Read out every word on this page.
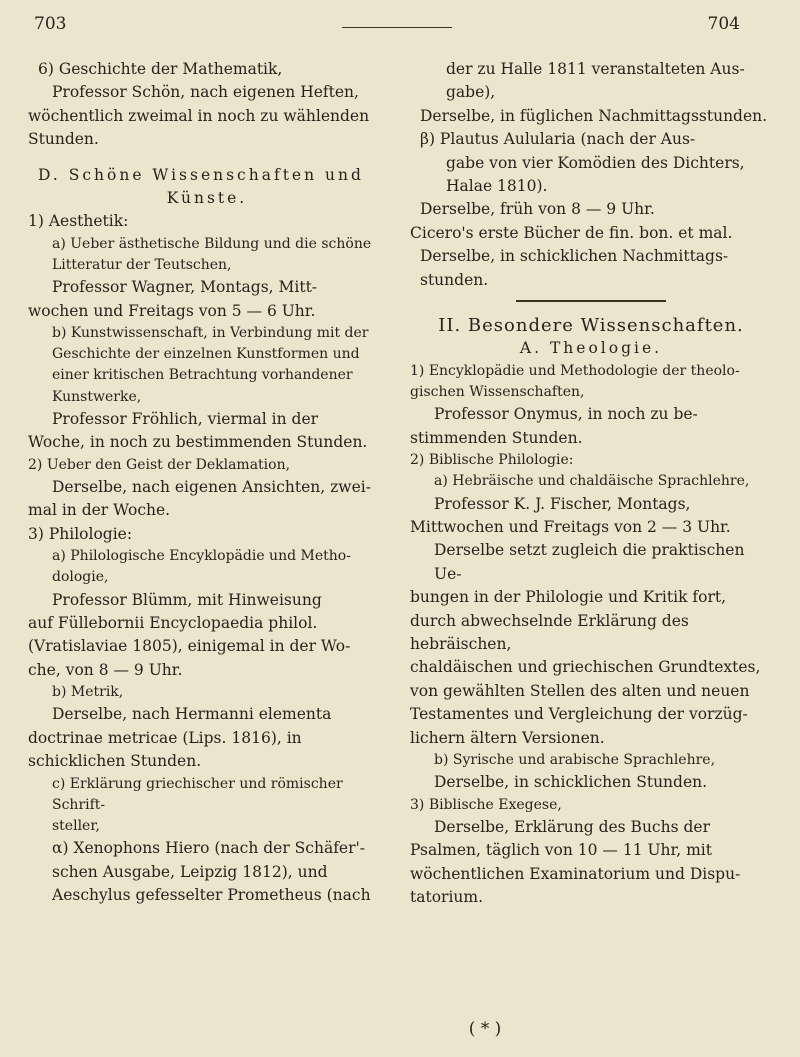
703	704

6) Geschichte der Mathematik,

Professor Schön, nach eigenen Heften,

wöchentlich zweimal in noch zu wählenden

Stunden.

D. Schöne Wissenschaften und

Künste.

1) Aesthetik:

a) Ueber ästhetische Bildung und die schöne

Litteratur der Teutschen,

Professor Wagner, Montags, Mitt-

wochen und Freitags von 5 — 6 Uhr.

b) Kunstwissenschaft, in Verbindung mit der

Geschichte der einzelnen Kunstformen und

einer kritischen Betrachtung vorhandener

Kunstwerke,

Professor Fröhlich, viermal in der

Woche, in noch zu bestimmenden Stunden.

2) Ueber den Geist der Deklamation,

Derselbe, nach eigenen Ansichten, zwei-

mal in der Woche.

3) Philologie:

a) Philologische Encyklopädie und Metho-

dologie,

Professor Blümm, mit Hinweisung

auf Füllebornii Encyclopaedia philol.

(Vratislaviae 1805), einigemal in der Wo-

che, von 8 — 9 Uhr.

b) Metrik,

Derselbe, nach Hermanni elementa

doctrinae metricae (Lips. 1816), in

schicklichen Stunden.

c) Erklärung griechischer und römischer Schrift-

steller,

α) Xenophons Hiero (nach der Schäfer'-

schen Ausgabe, Leipzig 1812), und

Aeschylus gefesselter Prometheus (nach

der zu Halle 1811 veranstalteten Aus-

gabe),

Derselbe, in füglichen Nachmittagsstunden.

β) Plautus Aulularia (nach der Aus-

gabe von vier Komödien des Dichters,

Halae 1810).

Derselbe, früh von 8 — 9 Uhr.

Cicero's erste Bücher de fin. bon. et mal.

Derselbe, in schicklichen Nachmittags-

stunden.

II. Besondere Wissenschaften.

A. Theologie.

1) Encyklopädie und Methodologie der theolo-

gischen Wissenschaften,

Professor Onymus, in noch zu be-

stimmenden Stunden.

2) Biblische Philologie:

a) Hebräische und chaldäische Sprachlehre,

Professor K. J. Fischer, Montags,

Mittwochen und Freitags von 2 — 3 Uhr.

Derselbe setzt zugleich die praktischen Ue-

bungen in der Philologie und Kritik fort,

durch abwechselnde Erklärung des hebräischen,

chaldäischen und griechischen Grundtextes,

von gewählten Stellen des alten und neuen

Testamentes und Vergleichung der vorzüg-

lichern ältern Versionen.

b) Syrische und arabische Sprachlehre,

Derselbe, in schicklichen Stunden.

3) Biblische Exegese,

Derselbe, Erklärung des Buchs der

Psalmen, täglich von 10 — 11 Uhr, mit

wöchentlichen Examinatorium und Dispu-

tatorium.

( * )
